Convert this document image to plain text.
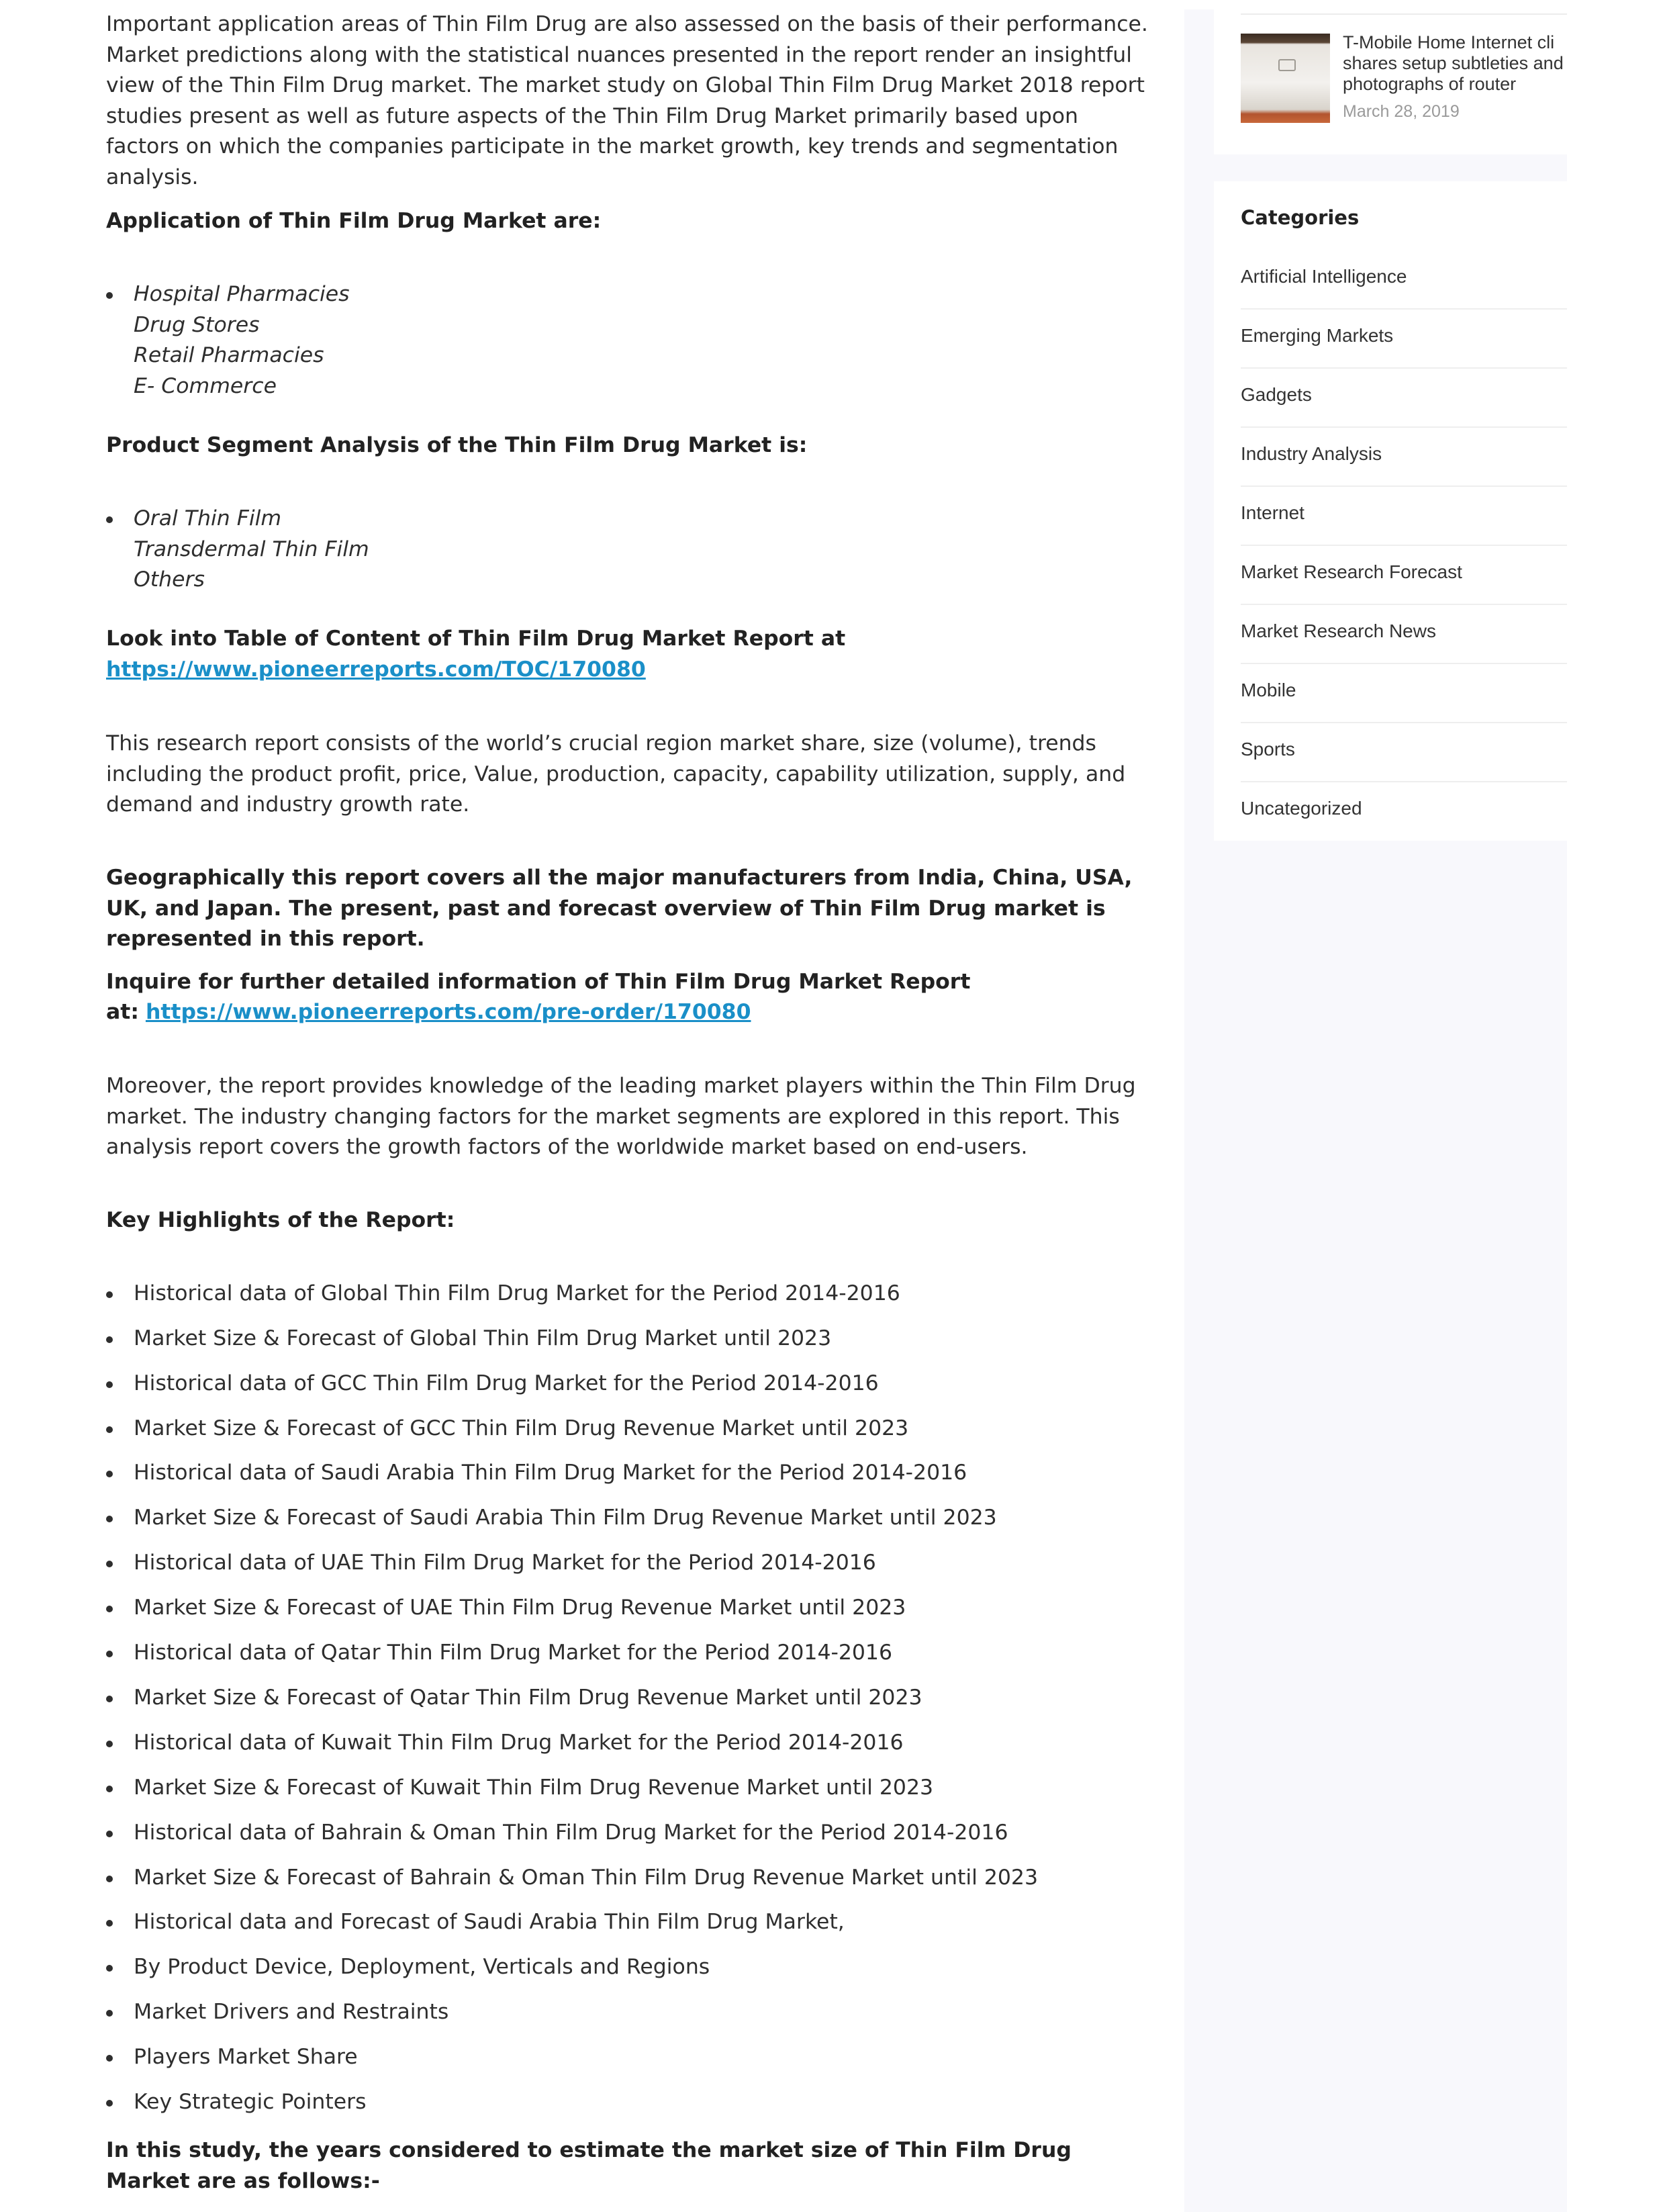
Important application areas of Thin Film Drug are also assessed on the basis of their performance. Market predictions along with the statistical nuances presented in the report render an insightful view of the Thin Film Drug market. The market study on Global Thin Film Drug Market 2018 report studies present as well as future aspects of the Thin Film Drug Market primarily based upon factors on which the companies participate in the market growth, key trends and segmentation analysis.

Application of Thin Film Drug Market are:

Hospital Pharmacies
Drug Stores
Retail Pharmacies
E- Commerce

Product Segment Analysis of the Thin Film Drug Market is:

Oral Thin Film
Transdermal Thin Film
Others

Look into Table of Content of Thin Film Drug Market Report at

https://www.pioneerreports.com/TOC/170080

This research report consists of the world’s crucial region market share, size (volume), trends including the product profit, price, Value, production, capacity, capability utilization, supply, and demand and industry growth rate.

Geographically this report covers all the major manufacturers from India, China, USA, UK, and Japan. The present, past and forecast overview of Thin Film Drug market is represented in this report.

Inquire for further detailed information of Thin Film Drug Market Report

at: https://www.pioneerreports.com/pre-order/170080

Moreover, the report provides knowledge of the leading market players within the Thin Film Drug market. The industry changing factors for the market segments are explored in this report. This analysis report covers the growth factors of the worldwide market based on end-users.

Key Highlights of the Report:

Historical data of Global Thin Film Drug Market for the Period 2014-2016
Market Size & Forecast of Global Thin Film Drug Market until 2023
Historical data of GCC Thin Film Drug Market for the Period 2014-2016
Market Size & Forecast of GCC Thin Film Drug Revenue Market until 2023
Historical data of Saudi Arabia Thin Film Drug Market for the Period 2014-2016
Market Size & Forecast of Saudi Arabia Thin Film Drug Revenue Market until 2023
Historical data of UAE Thin Film Drug Market for the Period 2014-2016
Market Size & Forecast of UAE Thin Film Drug Revenue Market until 2023
Historical data of Qatar Thin Film Drug Market for the Period 2014-2016
Market Size & Forecast of Qatar Thin Film Drug Revenue Market until 2023
Historical data of Kuwait Thin Film Drug Market for the Period 2014-2016
Market Size & Forecast of Kuwait Thin Film Drug Revenue Market until 2023
Historical data of Bahrain & Oman Thin Film Drug Market for the Period 2014-2016
Market Size & Forecast of Bahrain & Oman Thin Film Drug Revenue Market until 2023
Historical data and Forecast of Saudi Arabia Thin Film Drug Market,
By Product Device, Deployment, Verticals and Regions
Market Drivers and Restraints
Players Market Share
Key Strategic Pointers

In this study, the years considered to estimate the market size of Thin Film Drug Market are as follows:-

T-Mobile Home Internet cli
shares setup subtleties and
photographs of router
March 28, 2019
Categories
Artificial Intelligence
Emerging Markets
Gadgets
Industry Analysis
Internet
Market Research Forecast
Market Research News
Mobile
Sports
Uncategorized
